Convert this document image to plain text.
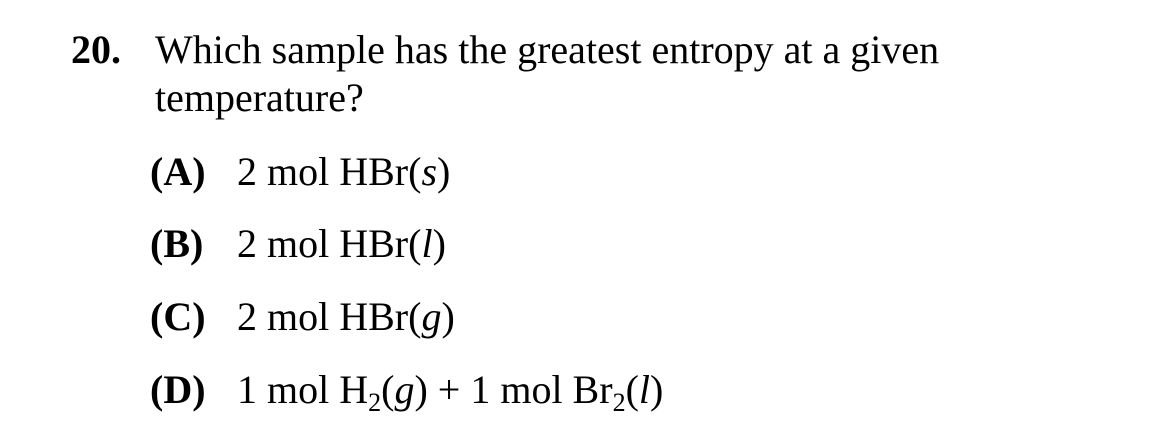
20. Which sample has the greatest entropy at a given
temperature?
(A) 2 mol HBr(s)
(B) 2 mol HBr(l)
(C) 2 mol HBr(g)
(D) 1 mol $H_2(g) + 1$ mol $Br_2(l)$
